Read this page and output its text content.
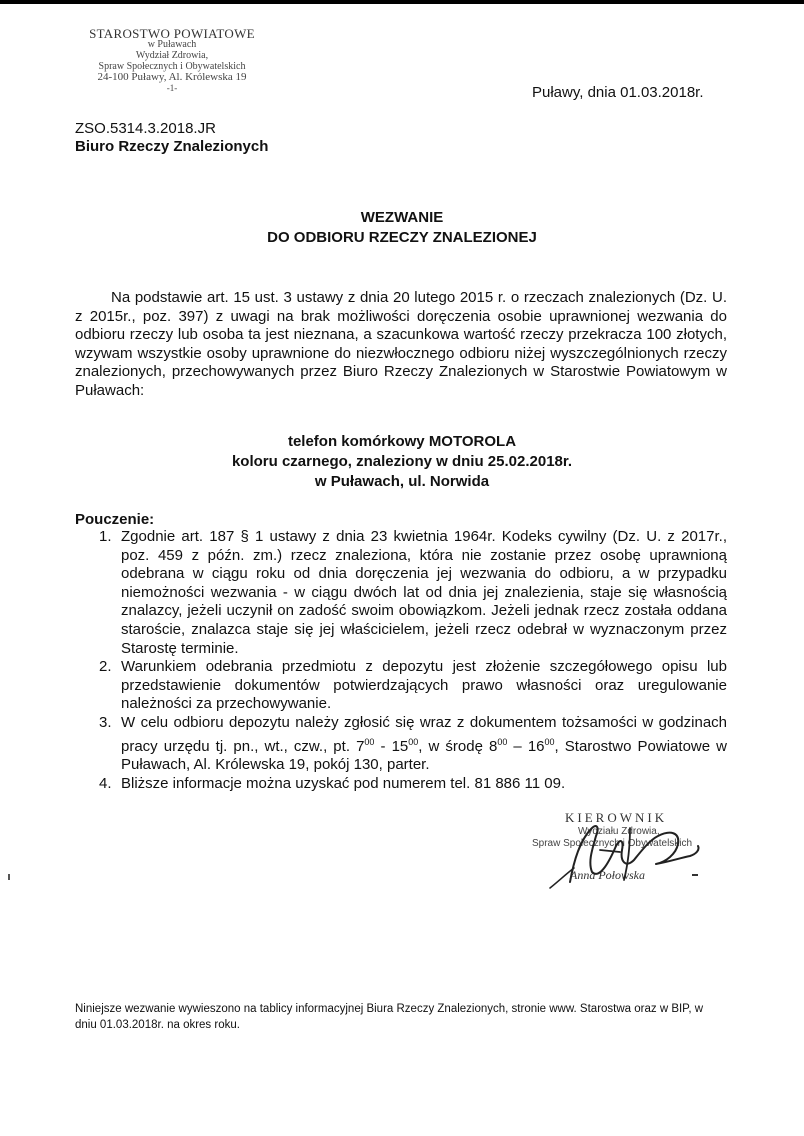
STAROSTWO POWIATOWE
w Puławach
Wydział Zdrowia,
Spraw Społecznych i Obywatelskich
24-100 Puławy, Al. Królewska 19
-1-	Puławy, dnia 01.03.2018r.
ZSO.5314.3.2018.JR
Biuro Rzeczy Znalezionych
WEZWANIE
DO ODBIORU RZECZY ZNALEZIONEJ

Na podstawie art. 15 ust. 3 ustawy z dnia 20 lutego 2015 r. o rzeczach znalezionych (Dz. U. z 2015r., poz. 397) z uwagi na brak możliwości doręczenia osobie uprawnionej wezwania do odbioru rzeczy lub osoba ta jest nieznana, a szacunkowa wartość rzeczy przekracza 100 złotych, wzywam wszystkie osoby uprawnione do niezwłocznego odbioru niżej wyszczególnionych rzeczy znalezionych, przechowywanych przez Biuro Rzeczy Znalezionych w Starostwie Powiatowym w Puławach:

telefon komórkowy MOTOROLA
koloru czarnego, znaleziony w dniu 25.02.2018r.
w Puławach, ul. Norwida
Pouczenie:
1. Zgodnie art. 187 § 1 ustawy z dnia 23 kwietnia 1964r. Kodeks cywilny (Dz. U. z 2017r., poz. 459 z późn. zm.) rzecz znaleziona, która nie zostanie przez osobę uprawnioną odebrana w ciągu roku od dnia doręczenia jej wezwania do odbioru, a w przypadku niemożności wezwania - w ciągu dwóch lat od dnia jej znalezienia, staje się własnością znalazcy, jeżeli uczynił on zadość swoim obowiązkom. Jeżeli jednak rzecz została oddana staroście, znalazca staje się jej właścicielem, jeżeli rzecz odebrał w wyznaczonym przez Starostę terminie.
2. Warunkiem odebrania przedmiotu z depozytu jest złożenie szczegółowego opisu lub przedstawienie dokumentów potwierdzających prawo własności oraz uregulowanie należności za przechowywanie.
3. W celu odbioru depozytu należy zgłosić się wraz z dokumentem tożsamości w godzinach pracy urzędu tj. pn., wt., czw., pt. $7^{00} - 15^{00}$, w środę $8^{00} - 16^{00}$, Starostwo Powiatowe w Puławach, Al. Królewska 19, pokój 130, parter.
4. Bliższe informacje można uzyskać pod numerem tel. 81 886 11 09.
KIEROWNIK
Wydziału Zdrowia,
Spraw Społecznych i Obywatelskich
Anna Połowska
Niniejsze wezwanie wywieszono na tablicy informacyjnej Biura Rzeczy Znalezionych, stronie www. Starostwa oraz w BIP, w dniu 01.03.2018r. na okres roku.
